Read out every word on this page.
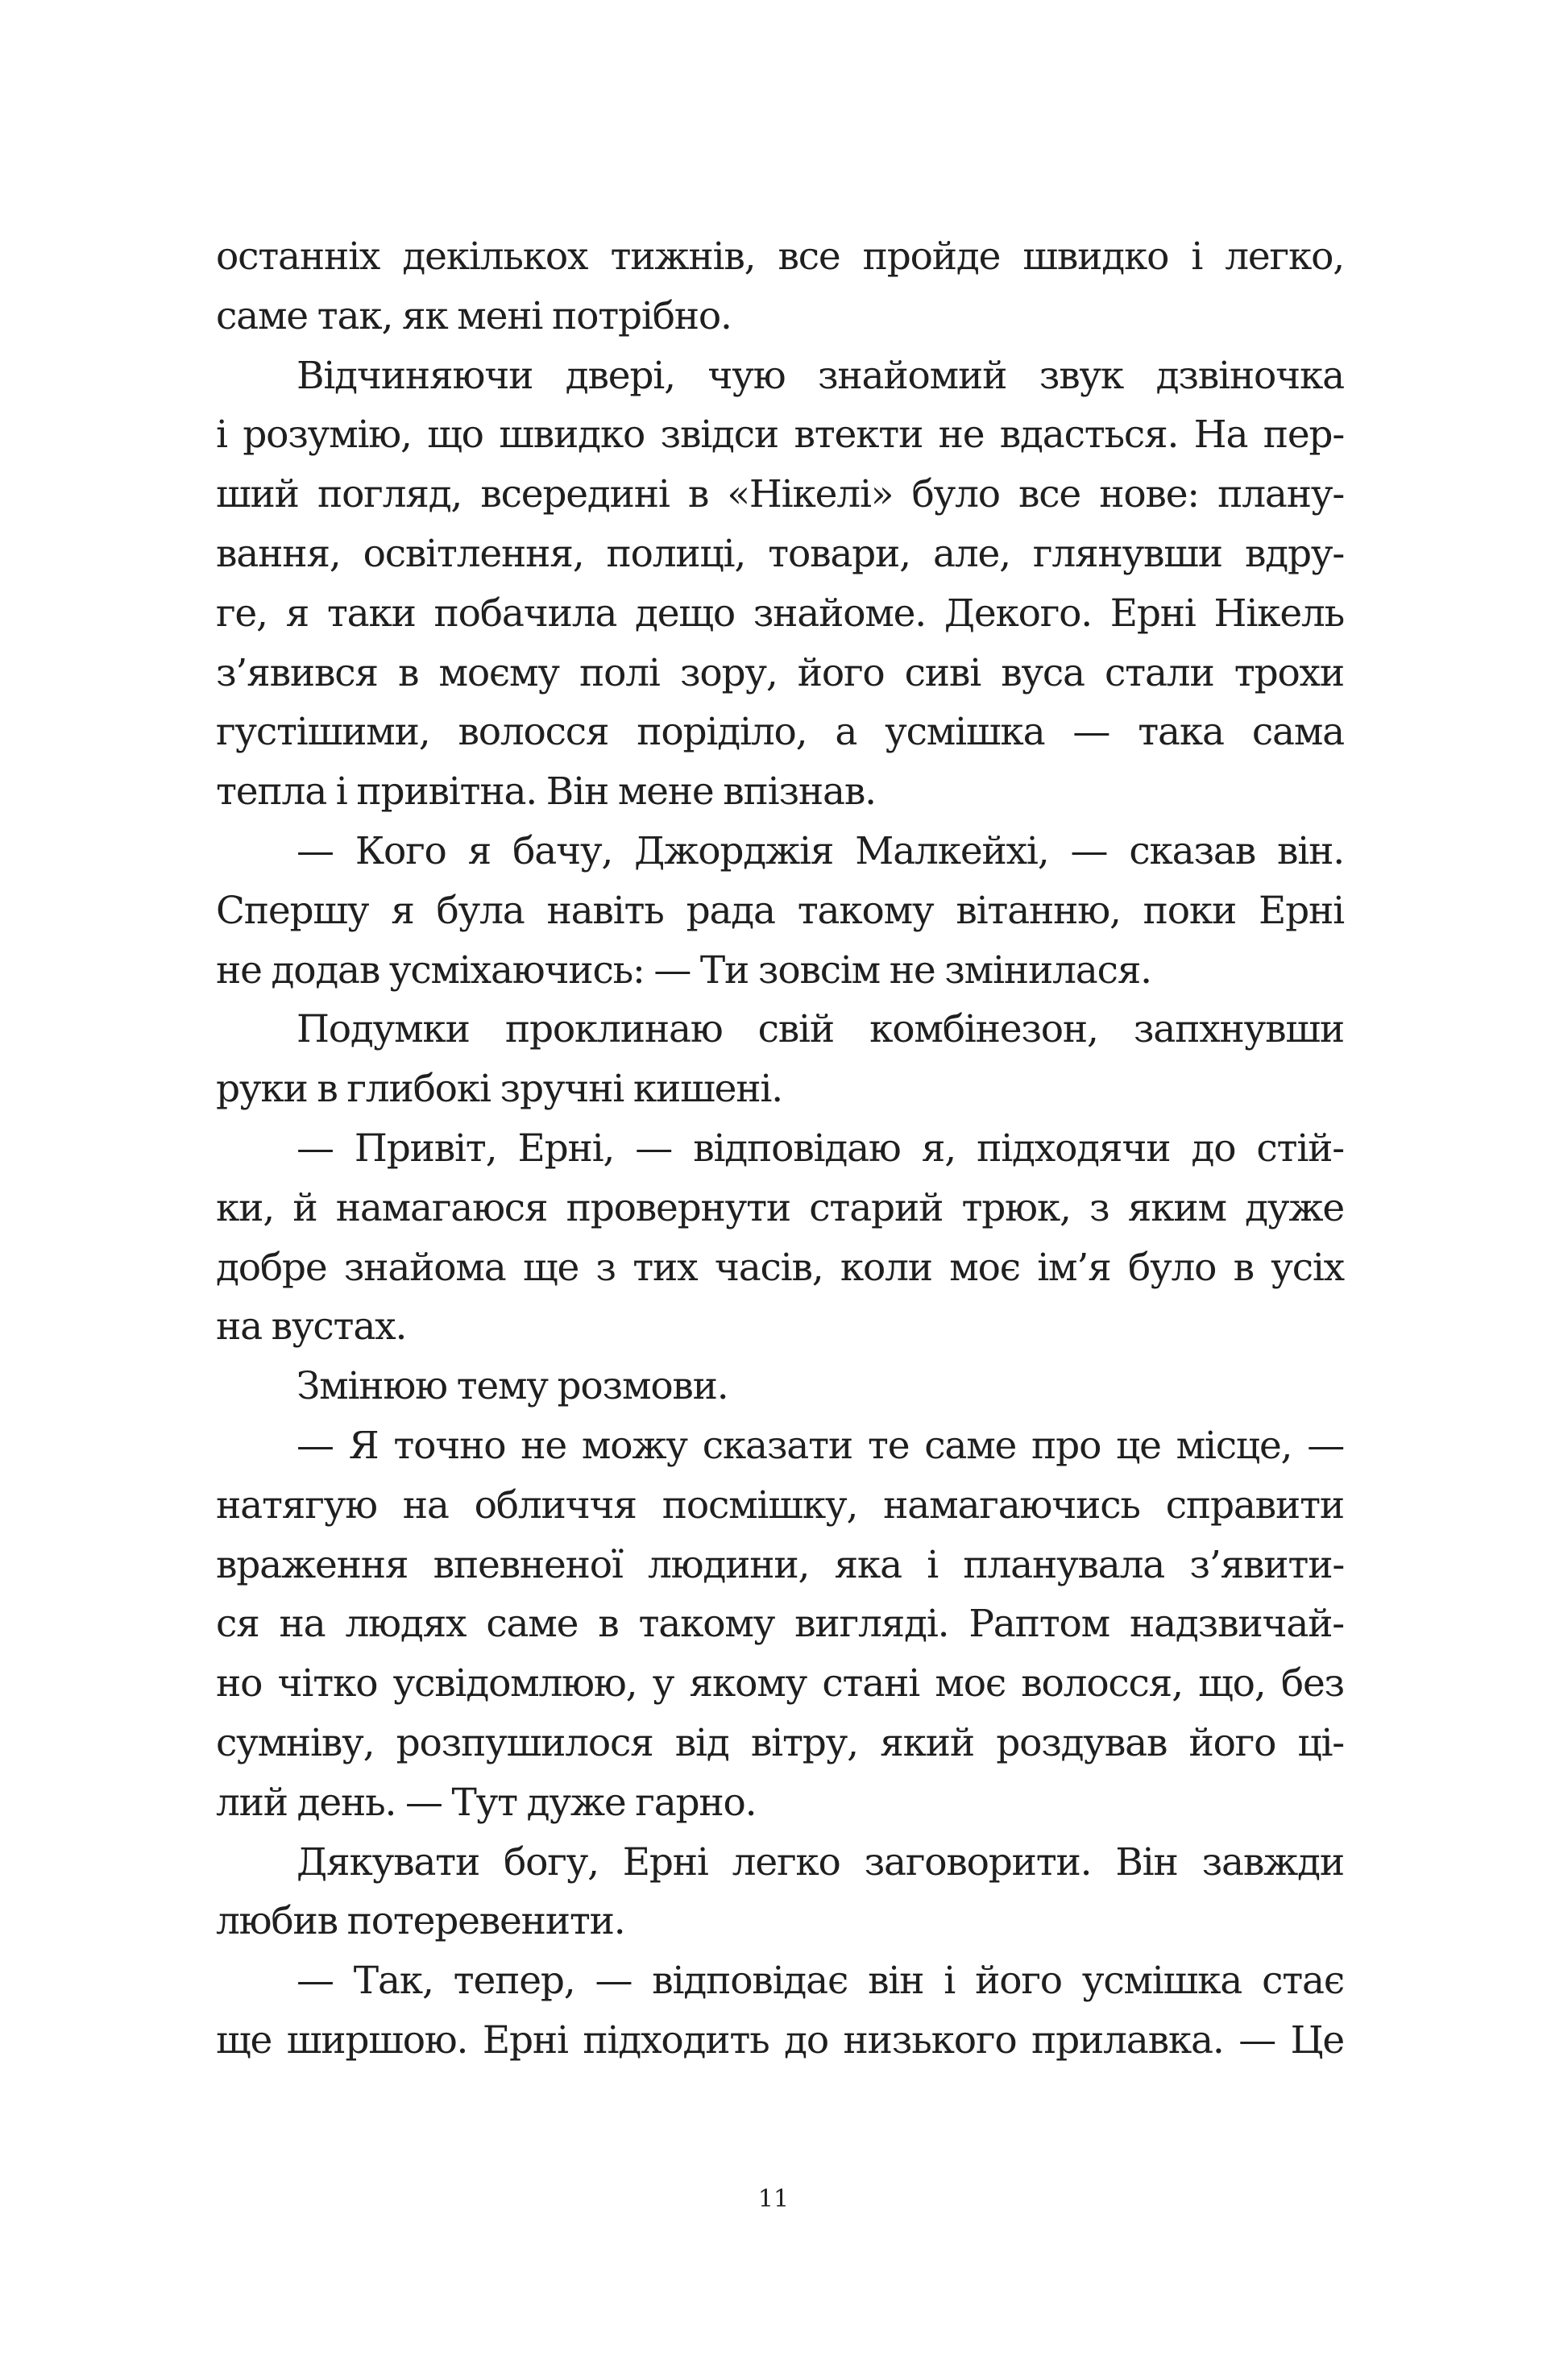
останніх декількох тижнів, все пройде швидко і легко,
саме так, як мені потрібно.
Відчиняючи двері, чую знайомий звук дзвіночка
і розумію, що швидко звідси втекти не вдасться. На пер-
ший погляд, всередині в «Нікелі» було все нове: плану-
вання, освітлення, полиці, товари, але, глянувши вдру-
ге, я таки побачила дещо знайоме. Декого. Ерні Нікель
з’явився в моєму полі зору, його сиві вуса стали трохи
густішими, волосся поріділо, а усмішка — така сама
тепла і привітна. Він мене впізнав.
— Кого я бачу, Джорджія Малкейхі, — сказав він.
Спершу я була навіть рада такому вітанню, поки Ерні
не додав усміхаючись: — Ти зовсім не змінилася.
Подумки проклинаю свій комбінезон, запхнувши
руки в глибокі зручні кишені.
— Привіт, Ерні, — відповідаю я, підходячи до стій-
ки, й намагаюся провернути старий трюк, з яким дуже
добре знайома ще з тих часів, коли моє ім’я було в усіх
на вустах.
Змінюю тему розмови.
— Я точно не можу сказати те саме про це місце, —
натягую на обличчя посмішку, намагаючись справити
враження впевненої людини, яка і планувала з’явити-
ся на людях саме в такому вигляді. Раптом надзвичай-
но чітко усвідомлюю, у якому стані моє волосся, що, без
сумніву, розпушилося від вітру, який роздував його ці-
лий день. — Тут дуже гарно.
Дякувати богу, Ерні легко заговорити. Він завжди
любив потеревенити.
— Так, тепер, — відповідає він і його усмішка стає
ще ширшою. Ерні підходить до низького прилавка. — Це
11
